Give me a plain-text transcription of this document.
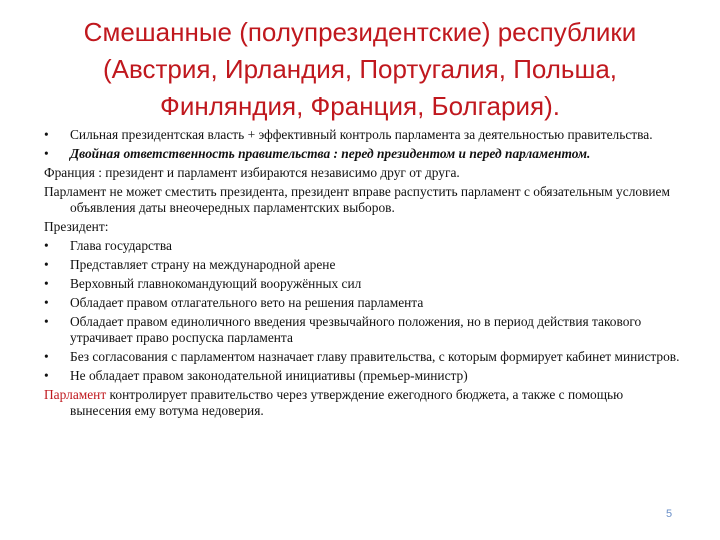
Смешанные (полупрезидентские) республики
(Австрия, Ирландия, Португалия, Польша,
Финляндия, Франция, Болгария).
•	Сильная президентская власть + эффективный контроль парламента за деятельностью правительства.
•	Двойная ответственность правительства : перед президентом и перед парламентом.
Франция : президент и парламент избираются независимо друг от друга.
Парламент не может сместить президента, президент вправе распустить парламент с обязательным условием объявления даты внеочередных парламентских выборов.
Президент:
•	Глава государства
•	Представляет страну на международной арене
•	Верховный главнокомандующий вооружённых сил
•	Обладает правом отлагательного вето на решения парламента
•	Обладает правом единоличного введения чрезвычайного положения, но в период действия такового утрачивает право роспуска парламента
•	Без согласования с парламентом назначает главу правительства, с которым формирует кабинет министров.
•	Не обладает правом законодательной инициативы (премьер-министр)
Парламент контролирует правительство через утверждение ежегодного бюджета, а также с помощью вынесения ему вотума недоверия.
5
